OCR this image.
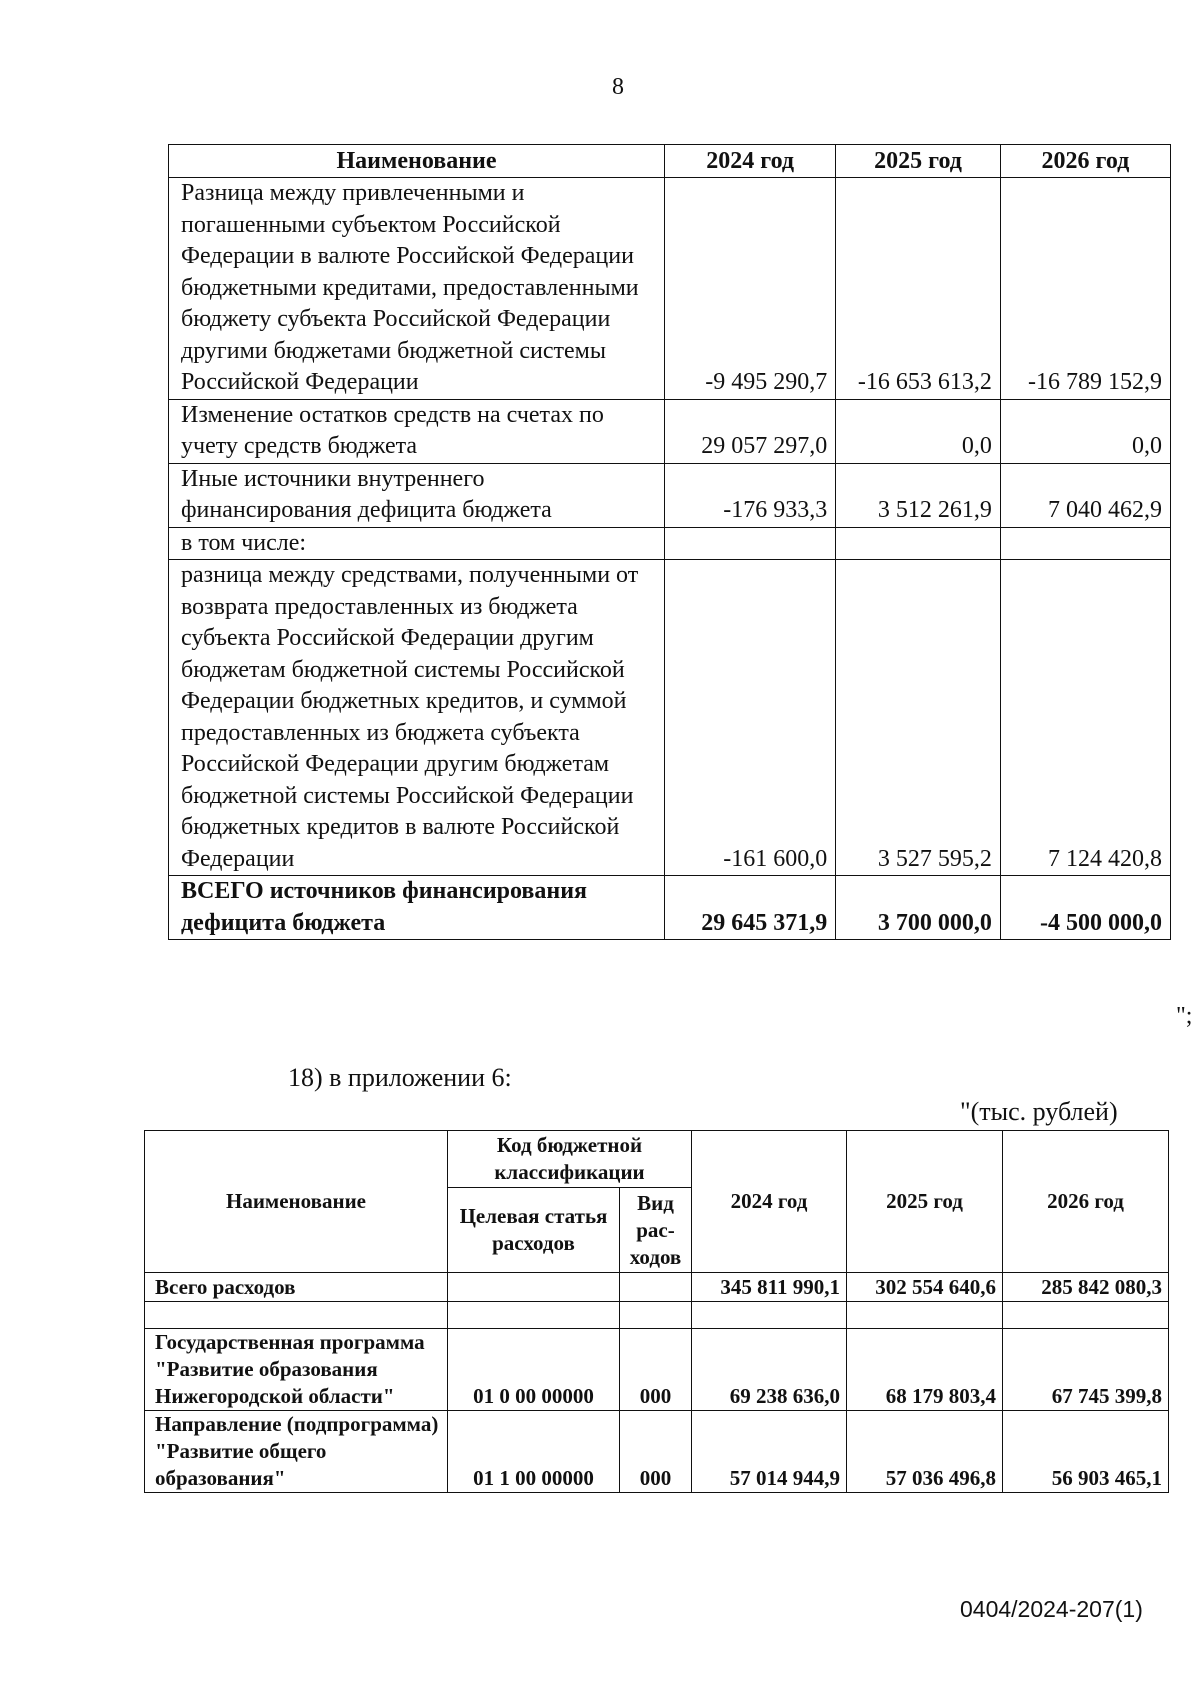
8
Наименование	2024 год	2025 год	2026 год
Разница между привлеченными и погашенными субъектом Российской Федерации в валюте Российской Федерации бюджетными кредитами, предоставленными бюджету субъекта Российской Федерации другими бюджетами бюджетной системы Российской Федерации	-9 495 290,7	-16 653 613,2	-16 789 152,9
Изменение остатков средств на счетах по учету средств бюджета	29 057 297,0	0,0	0,0
Иные источники внутреннего финансирования дефицита бюджета	-176 933,3	3 512 261,9	7 040 462,9
в том числе:			
разница между средствами, полученными от возврата предоставленных из бюджета субъекта Российской Федерации другим бюджетам бюджетной системы Российской Федерации бюджетных кредитов, и суммой предоставленных из бюджета субъекта Российской Федерации другим бюджетам бюджетной системы Российской Федерации бюджетных кредитов в валюте Российской Федерации	-161 600,0	3 527 595,2	7 124 420,8
ВСЕГО источников финансирования дефицита бюджета	29 645 371,9	3 700 000,0	-4 500 000,0
";
18) в приложении 6:
"(тыс. рублей)
Наименование	Код бюджетной классификации		2024 год	2025 год	2026 год
	Целевая статья расходов	Вид рас-ходов			
Всего расходов			345 811 990,1	302 554 640,6	285 842 080,3

Государственная программа "Развитие образования Нижегородской области"	01 0 00 00000	000	69 238 636,0	68 179 803,4	67 745 399,8
Направление (подпрограмма) "Развитие общего образования"	01 1 00 00000	000	57 014 944,9	57 036 496,8	56 903 465,1
0404/2024-207(1)
